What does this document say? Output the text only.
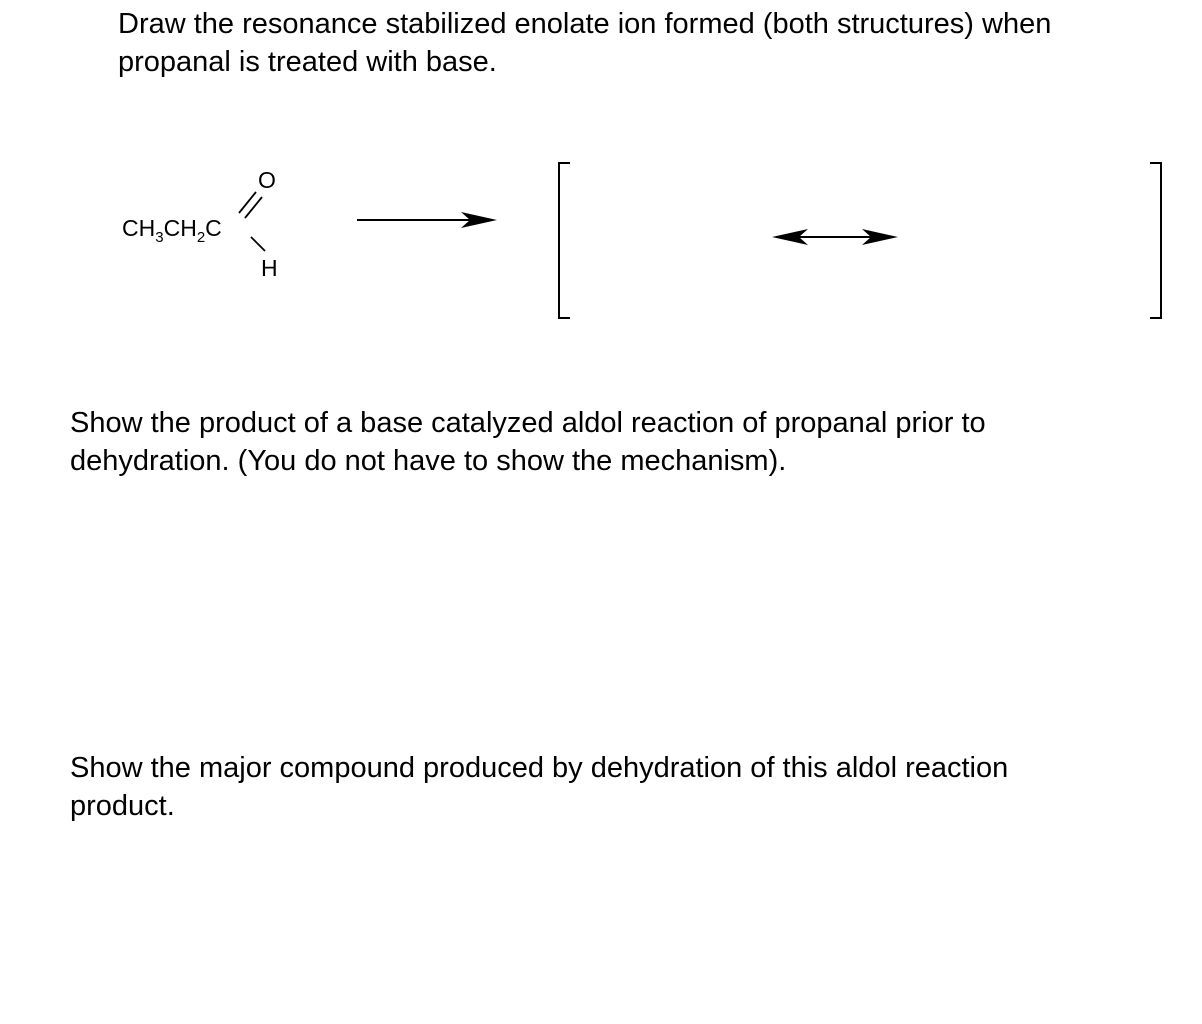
Draw the resonance stabilized enolate ion formed (both structures) when
propanal is treated with base.
$CH_3CH_2C$
O
H
Show the product of a base catalyzed aldol reaction of propanal prior to
dehydration. (You do not have to show the mechanism).
Show the major compound produced by dehydration of this aldol reaction
product.
